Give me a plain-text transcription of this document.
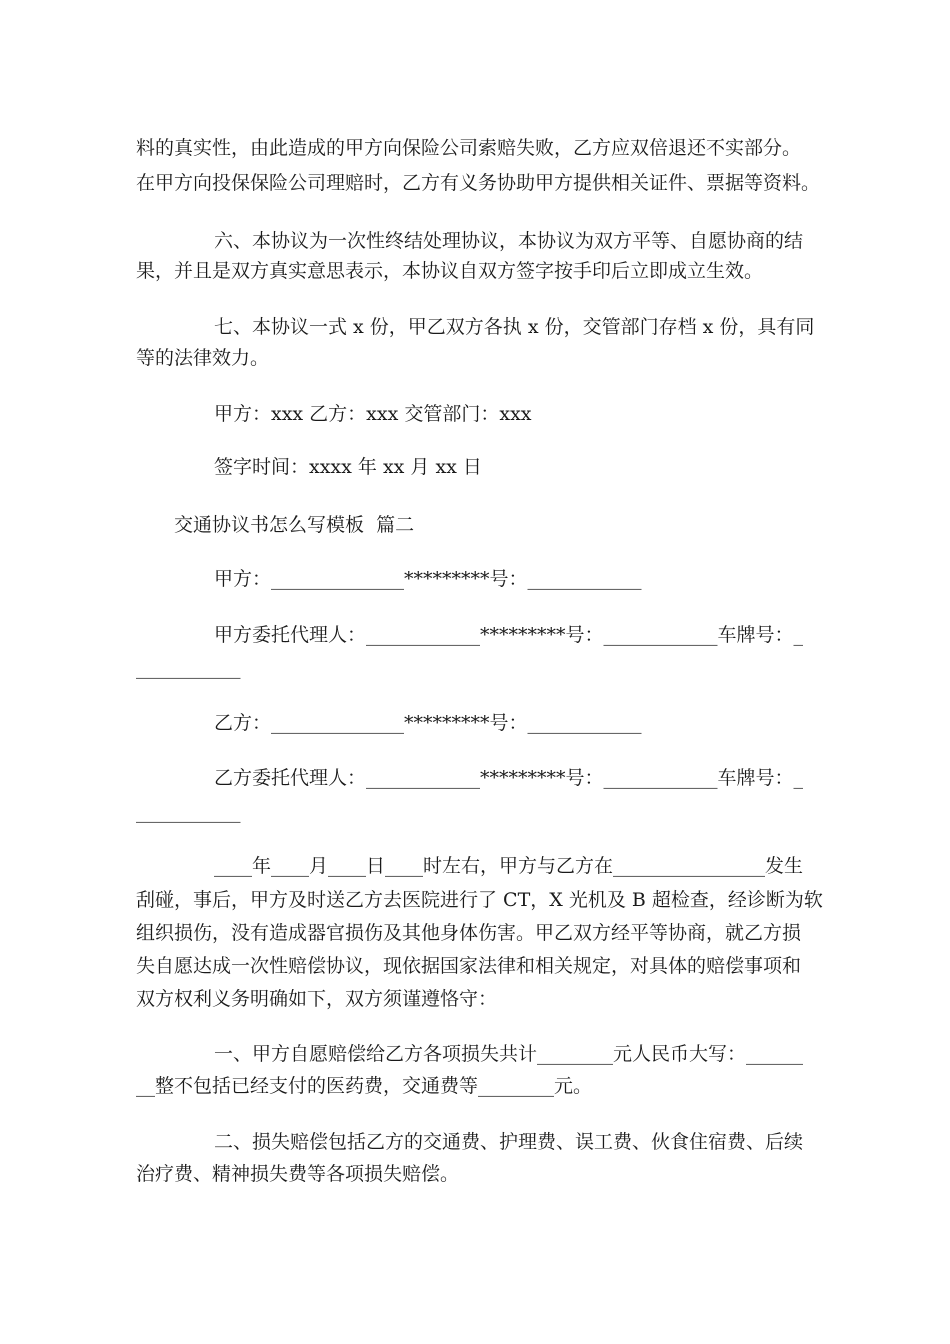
料的真实性，由此造成的甲方向保险公司索赔失败，乙方应双倍退还不实部分。
在甲方向投保保险公司理赔时，乙方有义务协助甲方提供相关证件、票据等资料。
六、本协议为一次性终结处理协议，本协议为双方平等、自愿协商的结
果，并且是双方真实意思表示，本协议自双方签字按手印后立即成立生效。
七、本协议一式 x 份，甲乙双方各执 x 份，交管部门存档 x 份，具有同
等的法律效力。
甲方：xxx 乙方：xxx 交管部门：xxx
签字时间：xxxx 年 xx 月 xx 日
交通协议书怎么写模板  篇二
甲方：______________*********号：____________
甲方委托代理人：____________*********号：____________车牌号：_
___________
乙方：______________*********号：____________
乙方委托代理人：____________*********号：____________车牌号：_
___________
____年____月____日____时左右，甲方与乙方在________________发生
刮碰，事后，甲方及时送乙方去医院进行了 CT，X 光机及 B 超检查，经诊断为软
组织损伤，没有造成器官损伤及其他身体伤害。甲乙双方经平等协商，就乙方损
失自愿达成一次性赔偿协议，现依据国家法律和相关规定，对具体的赔偿事项和
双方权利义务明确如下，双方须谨遵恪守：
一、甲方自愿赔偿给乙方各项损失共计________元人民币大写：______
__整不包括已经支付的医药费，交通费等________元。
二、损失赔偿包括乙方的交通费、护理费、误工费、伙食住宿费、后续
治疗费、精神损失费等各项损失赔偿。
